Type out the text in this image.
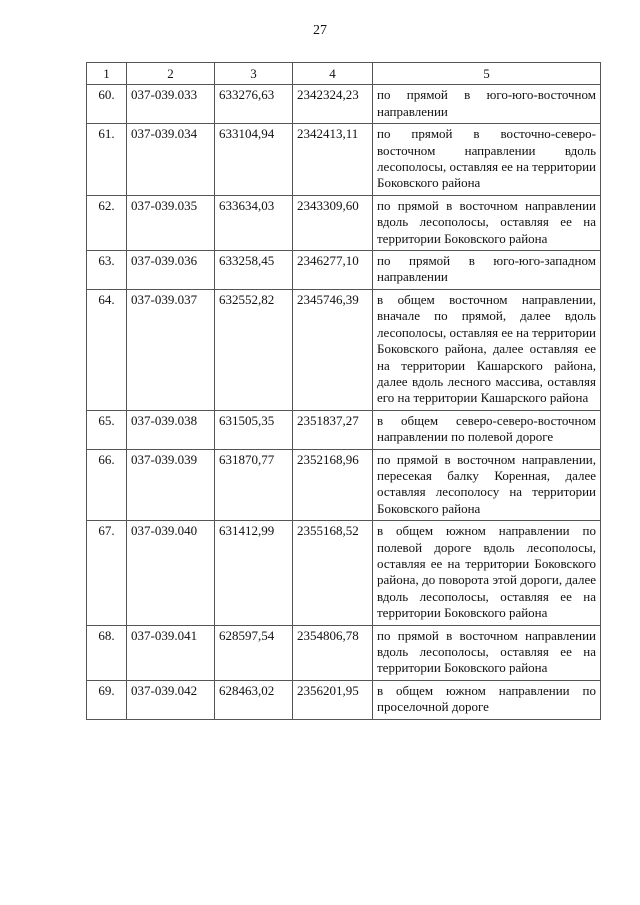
27
1	2	3	4	5
60.	037-039.033	633276,63	2342324,23	по прямой в юго-юго-восточном направлении
61.	037-039.034	633104,94	2342413,11	по прямой в восточно-северо-восточном направлении вдоль лесополосы, оставляя ее на территории Боковского района
62.	037-039.035	633634,03	2343309,60	по прямой в восточном направлении вдоль лесополосы, оставляя ее на территории Боковского района
63.	037-039.036	633258,45	2346277,10	по прямой в юго-юго-западном направлении
64.	037-039.037	632552,82	2345746,39	в общем восточном направлении, вначале по прямой, далее вдоль лесополосы, оставляя ее на территории Боковского района, далее оставляя ее на территории Кашарского района, далее вдоль лесного массива, оставляя его на территории Кашарского района
65.	037-039.038	631505,35	2351837,27	в общем северо-северо-восточном направлении по полевой дороге
66.	037-039.039	631870,77	2352168,96	по прямой в восточном направлении, пересекая балку Коренная, далее оставляя лесополосу на территории Боковского района
67.	037-039.040	631412,99	2355168,52	в общем южном направлении по полевой дороге вдоль лесополосы, оставляя ее на территории Боковского района, до поворота этой дороги, далее вдоль лесополосы, оставляя ее на территории Боковского района
68.	037-039.041	628597,54	2354806,78	по прямой в восточном направлении вдоль лесополосы, оставляя ее на территории Боковского района
69.	037-039.042	628463,02	2356201,95	в общем южном направлении по проселочной дороге
